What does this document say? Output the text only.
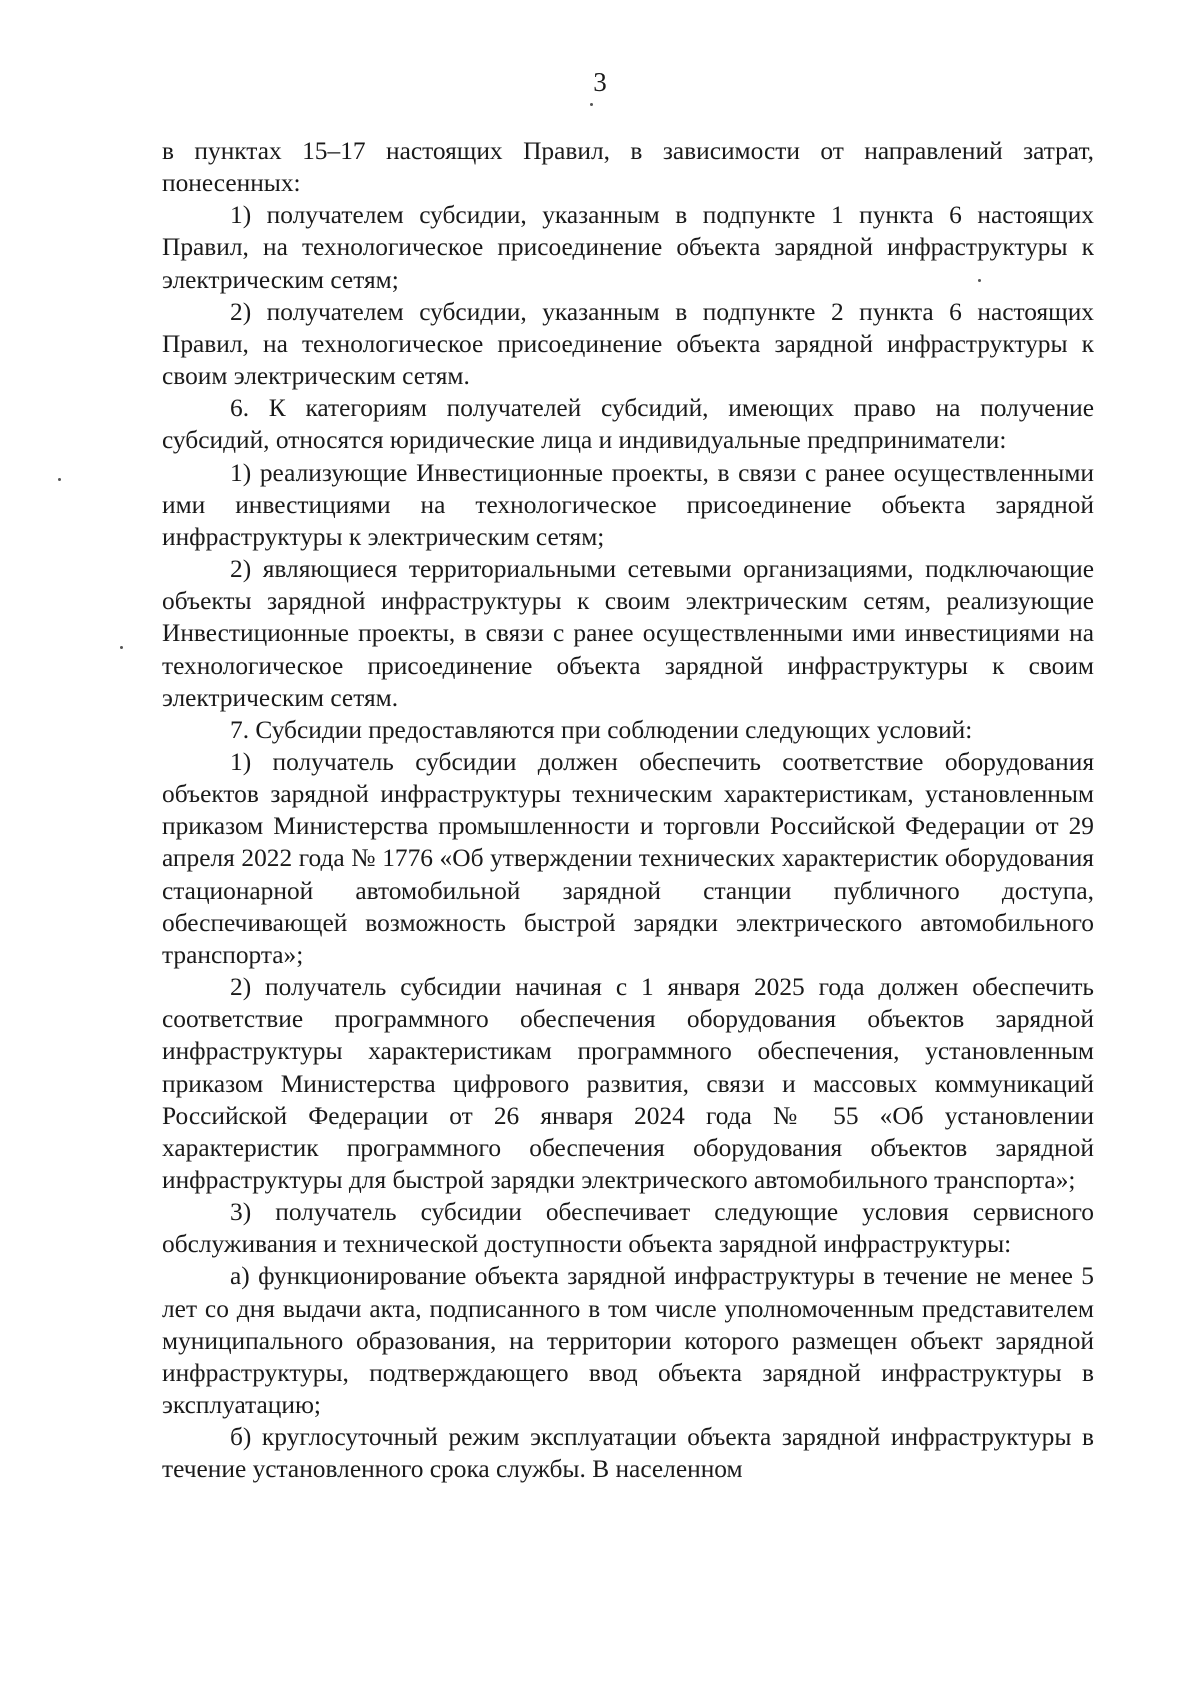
3

в пунктах 15–17 настоящих Правил, в зависимости от направлений затрат, понесенных:

1) получателем субсидии, указанным в подпункте 1 пункта 6 настоящих Правил, на технологическое присоединение объекта зарядной инфраструктуры к электрическим сетям;

2) получателем субсидии, указанным в подпункте 2 пункта 6 настоящих Правил, на технологическое присоединение объекта зарядной инфраструктуры к своим электрическим сетям.

6. К категориям получателей субсидий, имеющих право на получение субсидий, относятся юридические лица и индивидуальные предприниматели:

1) реализующие Инвестиционные проекты, в связи с ранее осуществленными ими инвестициями на технологическое присоединение объекта зарядной инфраструктуры к электрическим сетям;

2) являющиеся территориальными сетевыми организациями, подключающие объекты зарядной инфраструктуры к своим электрическим сетям, реализующие Инвестиционные проекты, в связи с ранее осуществленными ими инвестициями на технологическое присоединение объекта зарядной инфраструктуры к своим электрическим сетям.

7. Субсидии предоставляются при соблюдении следующих условий:

1) получатель субсидии должен обеспечить соответствие оборудования объектов зарядной инфраструктуры техническим характеристикам, установленным приказом Министерства промышленности и торговли Российской Федерации от 29 апреля 2022 года № 1776 «Об утверждении технических характеристик оборудования стационарной автомобильной зарядной станции публичного доступа, обеспечивающей возможность быстрой зарядки электрического автомобильного транспорта»;

2) получатель субсидии начиная с 1 января 2025 года должен обеспечить соответствие программного обеспечения оборудования объектов зарядной инфраструктуры характеристикам программного обеспечения, установленным приказом Министерства цифрового развития, связи и массовых коммуникаций Российской Федерации от 26 января 2024 года № 55 «Об установлении характеристик программного обеспечения оборудования объектов зарядной инфраструктуры для быстрой зарядки электрического автомобильного транспорта»;

3) получатель субсидии обеспечивает следующие условия сервисного обслуживания и технической доступности объекта зарядной инфраструктуры:

а) функционирование объекта зарядной инфраструктуры в течение не менее 5 лет со дня выдачи акта, подписанного в том числе уполномоченным представителем муниципального образования, на территории которого размещен объект зарядной инфраструктуры, подтверждающего ввод объекта зарядной инфраструктуры в эксплуатацию;

б) круглосуточный режим эксплуатации объекта зарядной инфраструктуры в течение установленного срока службы. В населенном
